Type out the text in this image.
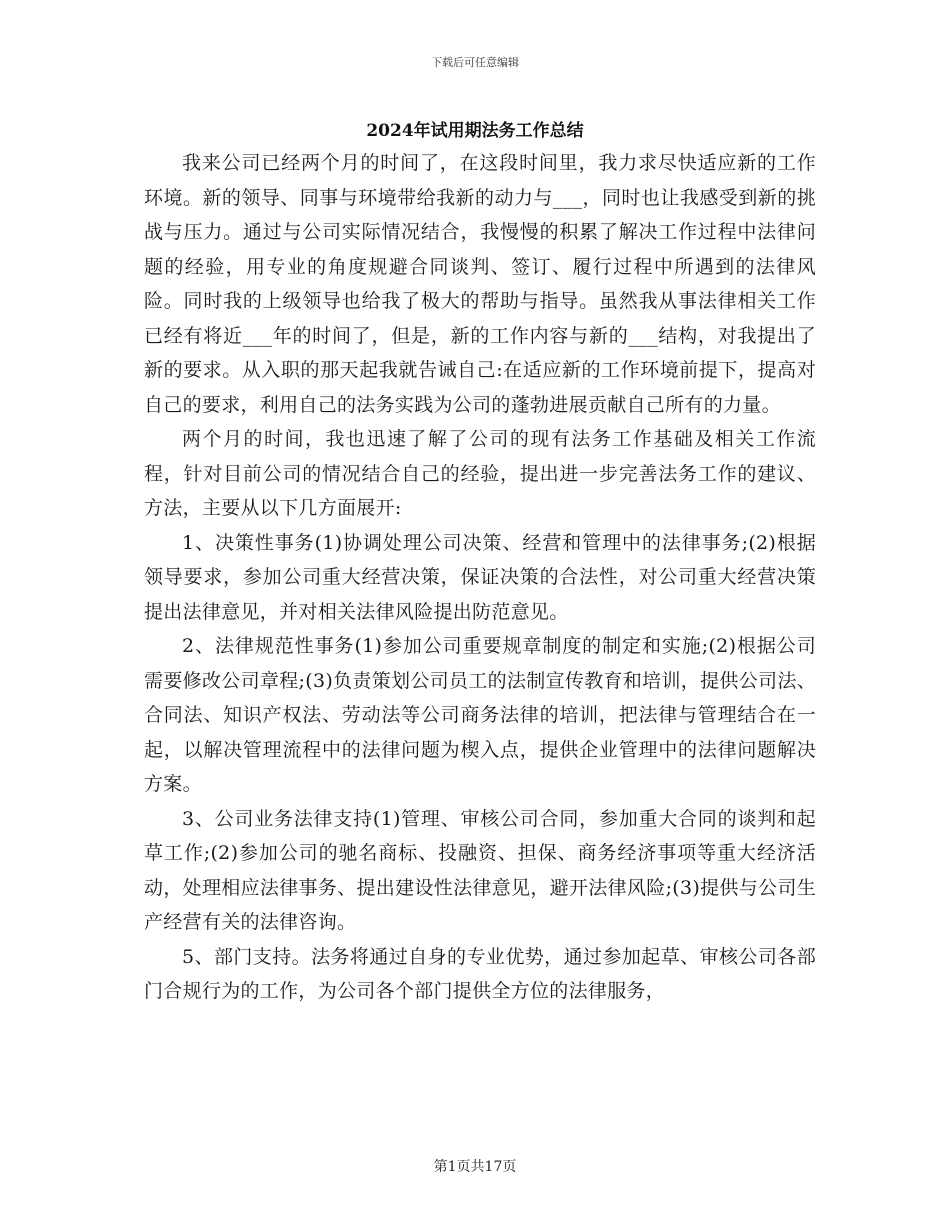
下载后可任意编辑
2024年试用期法务工作总结

我来公司已经两个月的时间了，在这段时间里，我力求尽快适应新的工作环境。新的领导、同事与环境带给我新的动力与___，同时也让我感受到新的挑战与压力。通过与公司实际情况结合，我慢慢的积累了解决工作过程中法律问题的经验，用专业的角度规避合同谈判、签订、履行过程中所遇到的法律风险。同时我的上级领导也给我了极大的帮助与指导。虽然我从事法律相关工作已经有将近___年的时间了，但是，新的工作内容与新的___结构，对我提出了新的要求。从入职的那天起我就告诫自己:在适应新的工作环境前提下，提高对自己的要求，利用自己的法务实践为公司的蓬勃进展贡献自己所有的力量。

两个月的时间，我也迅速了解了公司的现有法务工作基础及相关工作流程，针对目前公司的情况结合自己的经验，提出进一步完善法务工作的建议、方法，主要从以下几方面展开:

1、决策性事务(1)协调处理公司决策、经营和管理中的法律事务;(2)根据领导要求，参加公司重大经营决策，保证决策的合法性，对公司重大经营决策提出法律意见，并对相关法律风险提出防范意见。

2、法律规范性事务(1)参加公司重要规章制度的制定和实施;(2)根据公司需要修改公司章程;(3)负责策划公司员工的法制宣传教育和培训，提供公司法、合同法、知识产权法、劳动法等公司商务法律的培训，把法律与管理结合在一起，以解决管理流程中的法律问题为楔入点，提供企业管理中的法律问题解决方案。

3、公司业务法律支持(1)管理、审核公司合同，参加重大合同的谈判和起草工作;(2)参加公司的驰名商标、投融资、担保、商务经济事项等重大经济活动，处理相应法律事务、提出建设性法律意见，避开法律风险;(3)提供与公司生产经营有关的法律咨询。

5、部门支持。法务将通过自身的专业优势，通过参加起草、审核公司各部门合规行为的工作，为公司各个部门提供全方位的法律服务，

第1页共17页
